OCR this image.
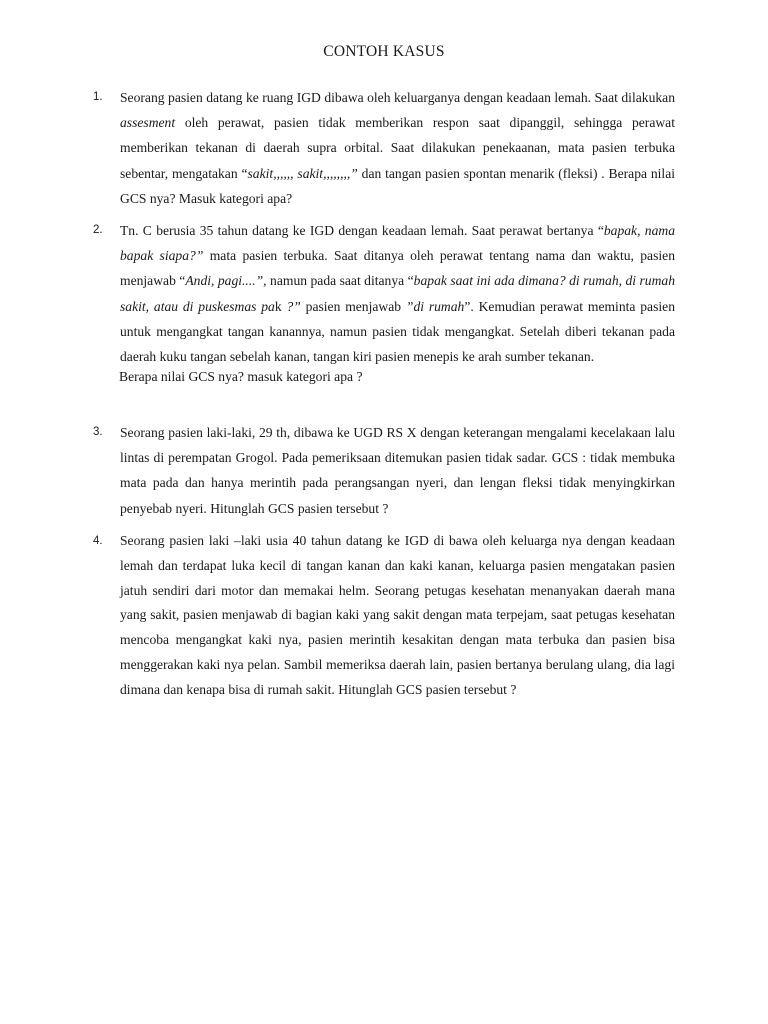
CONTOH KASUS
1. Seorang pasien datang ke ruang IGD dibawa oleh keluarganya dengan keadaan lemah. Saat dilakukan assesment oleh perawat, pasien tidak memberikan respon saat dipanggil, sehingga perawat memberikan tekanan di daerah supra orbital. Saat dilakukan penekaanan, mata pasien terbuka sebentar, mengatakan “sakit,,,,,, sakit,,,,,,,,” dan tangan pasien spontan menarik (fleksi) . Berapa nilai GCS nya? Masuk kategori apa?

2. Tn. C berusia 35 tahun datang ke IGD dengan keadaan lemah. Saat perawat bertanya “bapak, nama bapak siapa?” mata pasien terbuka. Saat ditanya oleh perawat tentang nama dan waktu, pasien menjawab “Andi, pagi....”, namun pada saat ditanya “bapak saat ini ada dimana? di rumah, di rumah sakit, atau di puskesmas pak ?” pasien menjawab ”di rumah”. Kemudian perawat meminta pasien untuk mengangkat tangan kanannya, namun pasien tidak mengangkat. Setelah diberi tekanan pada daerah kuku tangan sebelah kanan, tangan kiri pasien menepis ke arah sumber tekanan.

Berapa nilai GCS nya? masuk kategori apa ?

3. Seorang pasien laki-laki, 29 th, dibawa ke UGD RS X dengan keterangan mengalami kecelakaan lalu lintas di perempatan Grogol. Pada pemeriksaan ditemukan pasien tidak sadar. GCS : tidak membuka mata pada dan hanya merintih pada perangsangan nyeri, dan lengan fleksi tidak menyingkirkan penyebab nyeri. Hitunglah GCS pasien tersebut ?

4. Seorang pasien laki –laki usia 40 tahun datang ke IGD di bawa oleh keluarga nya dengan keadaan lemah dan terdapat luka kecil di tangan kanan dan kaki kanan, keluarga pasien mengatakan pasien jatuh sendiri dari motor dan memakai helm. Seorang petugas kesehatan menanyakan daerah mana yang sakit, pasien menjawab di bagian kaki yang sakit dengan mata terpejam, saat petugas kesehatan mencoba mengangkat kaki nya, pasien merintih kesakitan dengan mata terbuka dan pasien bisa menggerakan kaki nya pelan. Sambil memeriksa daerah lain, pasien bertanya berulang ulang, dia lagi dimana dan kenapa bisa di rumah sakit. Hitunglah GCS pasien tersebut ?
